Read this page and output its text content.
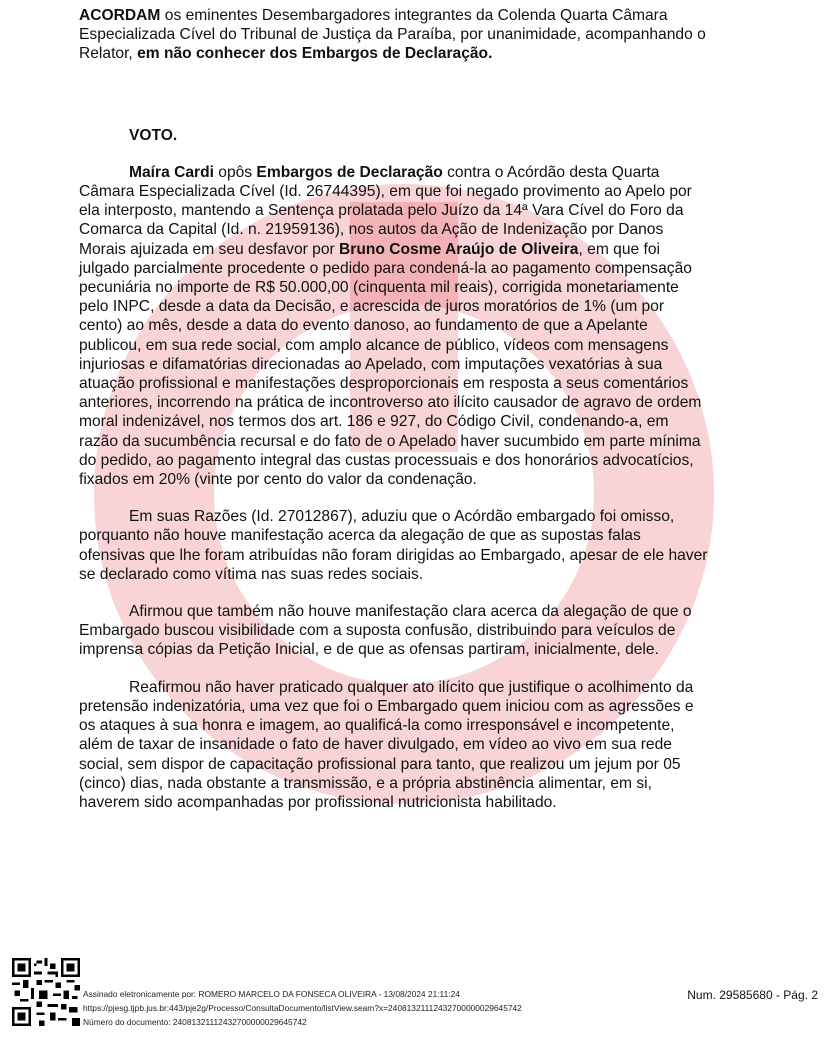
ACORDAM os eminentes Desembargadores integrantes da Colenda Quarta Câmara Especializada Cível do Tribunal de Justiça da Paraíba, por unanimidade, acompanhando o Relator, em não conhecer dos Embargos de Declaração.

VOTO.

Maíra Cardi opôs Embargos de Declaração contra o Acórdão desta Quarta Câmara Especializada Cível (Id. 26744395), em que foi negado provimento ao Apelo por ela interposto, mantendo a Sentença prolatada pelo Juízo da 14ª Vara Cível do Foro da Comarca da Capital (Id. n. 21959136), nos autos da Ação de Indenização por Danos Morais ajuizada em seu desfavor por Bruno Cosme Araújo de Oliveira, em que foi julgado parcialmente procedente o pedido para condená-la ao pagamento compensação pecuniária no importe de R$ 50.000,00 (cinquenta mil reais), corrigida monetariamente pelo INPC, desde a data da Decisão, e acrescida de juros moratórios de 1% (um por cento) ao mês, desde a data do evento danoso, ao fundamento de que a Apelante publicou, em sua rede social, com amplo alcance de público, vídeos com mensagens injuriosas e difamatórias direcionadas ao Apelado, com imputações vexatórias à sua atuação profissional e manifestações desproporcionais em resposta a seus comentários anteriores, incorrendo na prática de incontroverso ato ilícito causador de agravo de ordem moral indenizável, nos termos dos art. 186 e 927, do Código Civil, condenando-a, em razão da sucumbência recursal e do fato de o Apelado haver sucumbido em parte mínima do pedido, ao pagamento integral das custas processuais e dos honorários advocatícios, fixados em 20% (vinte por cento do valor da condenação.

Em suas Razões (Id. 27012867), aduziu que o Acórdão embargado foi omisso, porquanto não houve manifestação acerca da alegação de que as supostas falas ofensivas que lhe foram atribuídas não foram dirigidas ao Embargado, apesar de ele haver se declarado como vítima nas suas redes sociais.

Afirmou que também não houve manifestação clara acerca da alegação de que o Embargado buscou visibilidade com a suposta confusão, distribuindo para veículos de imprensa cópias da Petição Inicial, e de que as ofensas partiram, inicialmente, dele.

Reafirmou não haver praticado qualquer ato ilícito que justifique o acolhimento da pretensão indenizatória, uma vez que foi o Embargado quem iniciou com as agressões e os ataques à sua honra e imagem, ao qualificá-la como irresponsável e incompetente, além de taxar de insanidade o fato de haver divulgado, em vídeo ao vivo em sua rede social, sem dispor de capacitação profissional para tanto, que realizou um jejum por 05 (cinco) dias, nada obstante a transmissão, e a própria abstinência alimentar, em si, haverem sido acompanhadas por profissional nutricionista habilitado.

Assinado eletronicamente por: ROMERO MARCELO DA FONSECA OLIVEIRA - 13/08/2024 21:11:24
https://pjesg.tjpb.jus.br:443/pje2g/Processo/ConsultaDocumento/listView.seam?x=24081321112432700000029645742
Número do documento: 24081321112432700000029645742
Num. 29585680 - Pág. 2
